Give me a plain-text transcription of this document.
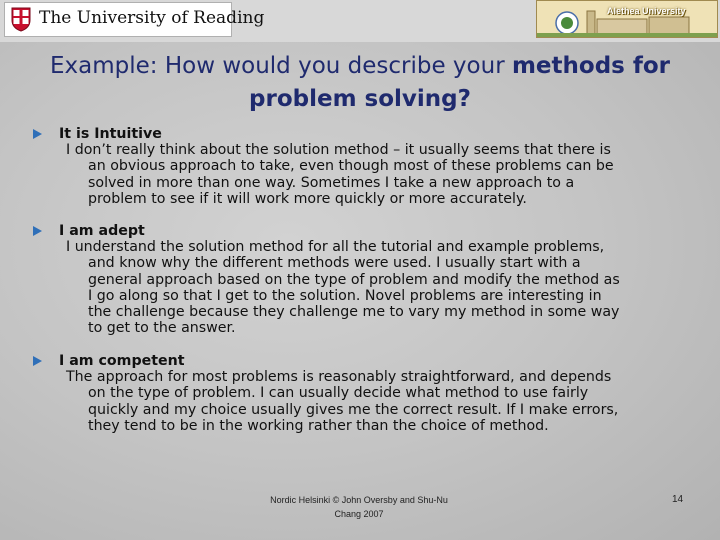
The University of Reading	Alethea University
Example: How would you describe your methods for problem solving?
It is Intuitive
I don’t really think about the solution method – it usually seems that there is
an obvious approach to take, even though most of these problems can be
solved in more than one way. Sometimes I take a new approach to a
problem to see if it will work more quickly or more accurately.
I am adept
I understand the solution method for all the tutorial and example problems,
and know why the different methods were used. I usually start with a
general approach based on the type of problem and modify the method as
I go along so that I get to the solution. Novel problems are interesting in
the challenge because they challenge me to vary my method in some way
to get to the answer.
I am competent
The approach for most problems is reasonably straightforward, and depends
on the type of problem. I can usually decide what method to use fairly
quickly and my choice usually gives me the correct result. If I make errors,
they tend to be in the working rather than the choice of method.
Nordic Helsinki © John Oversby and Shu-Nu
Chang 2007
14
